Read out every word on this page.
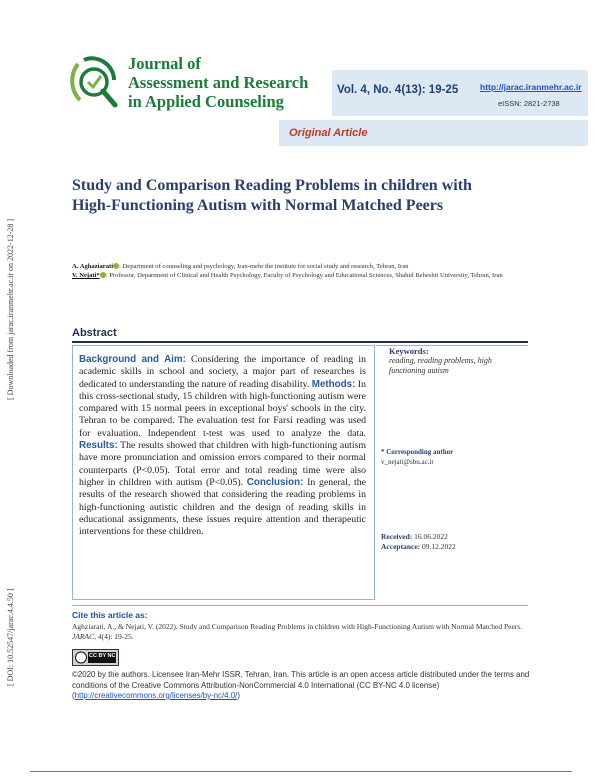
[ Downloaded from jarac.iranmehr.ac.ir on 2022-12-28 ]
[ DOI: 10.52547/jarac.4.4.50 ]
Journal of
Assessment and Research
in Applied Counseling
Vol. 4, No. 4(13): 19-25	http://jarac.iranmehr.ac.ir
eISSN: 2821-2738
Original Article
Study and Comparison Reading Problems in children with
High-Functioning Autism with Normal Matched Peers
A. Aghaziarati : Department of counseling and psychology, Iran-mehr the institute for social study and research, Tehran, Iran
V. Nejati* : Professor, Department of Clinical and Health Psychology, Faculty of Psychology and Educational Sciences, Shahid Beheshti University, Tehran, Iran
Abstract
Background and Aim: Considering the importance of reading in academic skills in school and society, a major part of researches is dedicated to understanding the nature of reading disability. Methods: In this cross-sectional study, 15 children with high-functioning autism were compared with 15 normal peers in exceptional boys' schools in the city. Tehran to be compared. The evaluation test for Farsi reading was used for evaluation. Independent t-test was used to analyze the data. Results: The results showed that children with high-functioning autism have more pronunciation and omission errors compared to their normal counterparts (P<0.05). Total error and total reading time were also higher in children with autism (P<0.05). Conclusion: In general, the results of the research showed that considering the reading problems in high-functioning autistic children and the design of reading skills in educational assignments, these issues require attention and therapeutic interventions for these children.
Keywords:
reading, reading problems, high functioning autism
* Corresponding author
v_nejati@sbu.ac.ir
Received: 16.06.2022
Acceptance: 09.12.2022
Cite this article as:
Aghziarati, A., & Nejati, V. (2022). Study and Comparison Reading Problems in children with High-Functioning Autism with Normal Matched Peers. JARAC, 4(4): 19-25.
CC BY NC
©2020 by the authors. Licensee Iran-Mehr ISSR, Tehran, Iran. This article is an open access article distributed under the terms and conditions of the Creative Commons Attribution-NonCommercial 4.0 International (CC BY-NC 4.0 license) (http://creativecommons.org/licenses/by-nc/4.0/)
